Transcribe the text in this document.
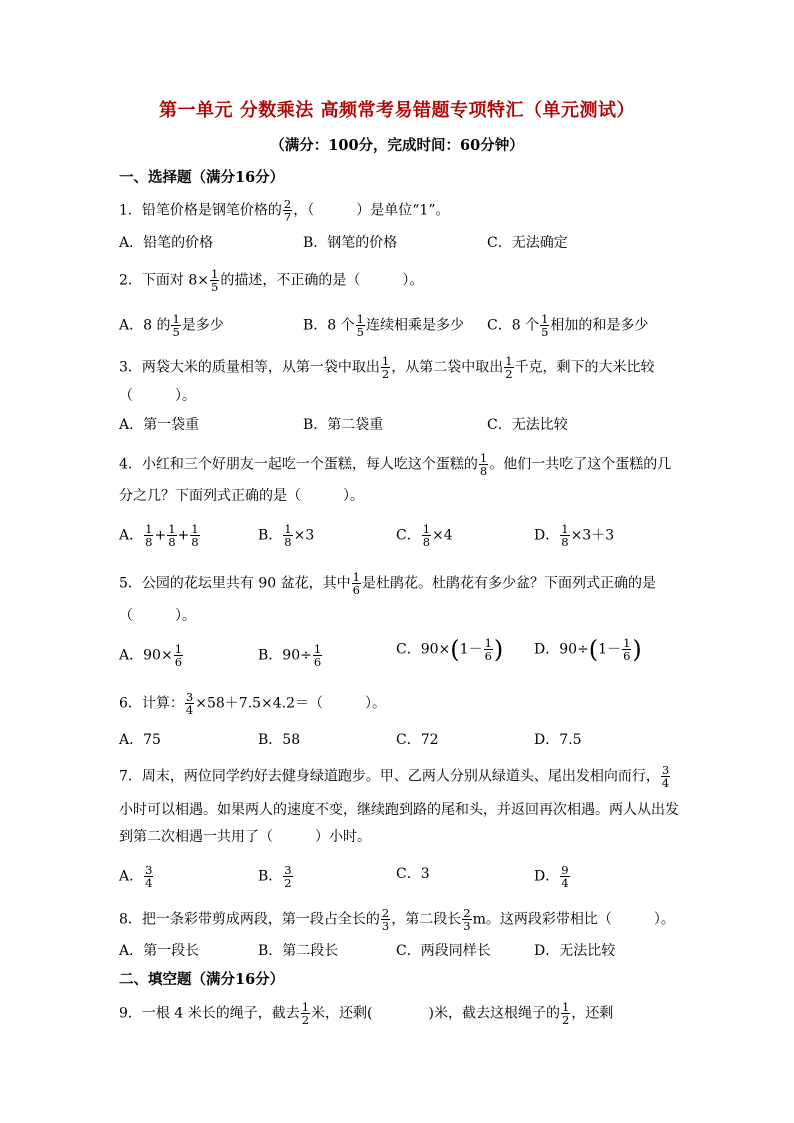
第一单元 分数乘法 高频常考易错题专项特汇（单元测试）
（满分：100分，完成时间：60分钟）
一、选择题（满分16分）
1．铅笔价格是钢笔价格的 $\frac{2}{7}$ ，（　　　）是单位“1”。
A．铅笔的价格	B．钢笔的价格	C．无法确定
2．下面对 $8\times \frac{1}{5}$ 的描述，不正确的是（　　　）。
A．8 的 $\frac{1}{5}$ 是多少	B．8 个 $\frac{1}{5}$ 连续相乘是多少 C．8 个 $\frac{1}{5}$ 相加的和是多少
3．两袋大米的质量相等，从第一袋中取出 $\frac{1}{2}$ ，从第二袋中取出 $\frac{1}{2}$ 千克，剩下的大米比较
（　　　）。
A．第一袋重	B．第二袋重	C．无法比较
4．小红和三个好朋友一起吃一个蛋糕，每人吃这个蛋糕的 $\frac{1}{8}$ 。他们一共吃了这个蛋糕的几
分之几？下面列式正确的是（　　　）。
A． $\frac{1}{8} + \frac{1}{8} + \frac{1}{8}$	B． $\frac{1}{8} \times 3$	C． $\frac{1}{8} \times 4$	D． $\frac{1}{8} \times 3+3$
5．公园的花坛里共有 90 盆花，其中 $\frac{1}{6}$ 是杜鹃花。杜鹃花有多少盆？下面列式正确的是
（　　　）。
A．$90\times \frac{1}{6}$	B．$90\div \frac{1}{6}$	C．$90\times(1- \frac{1}{6}$ ) D．$90\div(1- \frac{1}{6}$ )
6．计算： $\frac{3}{4} \times 58+7.5\times 4.2=$（　　　）。
A．75	B．58	C．72	D．7.5
7．周末，两位同学约好去健身绿道跑步。甲、乙两人分别从绿道头、尾出发相向而行， $\frac{3}{4}$
小时可以相遇。如果两人的速度不变，继续跑到路的尾和头，并返回再次相遇。两人从出发
到第二次相遇一共用了（　　　）小时。
A． $\frac{3}{4}$	B． $\frac{3}{2}$	C．3	D． $\frac{9}{4}$
8．把一条彩带剪成两段，第一段占全长的 $\frac{2}{3}$ ，第二段长 $\frac{2}{3}$ m。这两段彩带相比（　　　）。
A．第一段长	B．第二段长	C．两段同样长	D．无法比较
二、填空题（满分16分）
9．一根 4 米长的绳子，截去 $\frac{1}{2}$ 米，还剩(　　　　)米，截去这根绳子的 $\frac{1}{2}$ ，还剩
